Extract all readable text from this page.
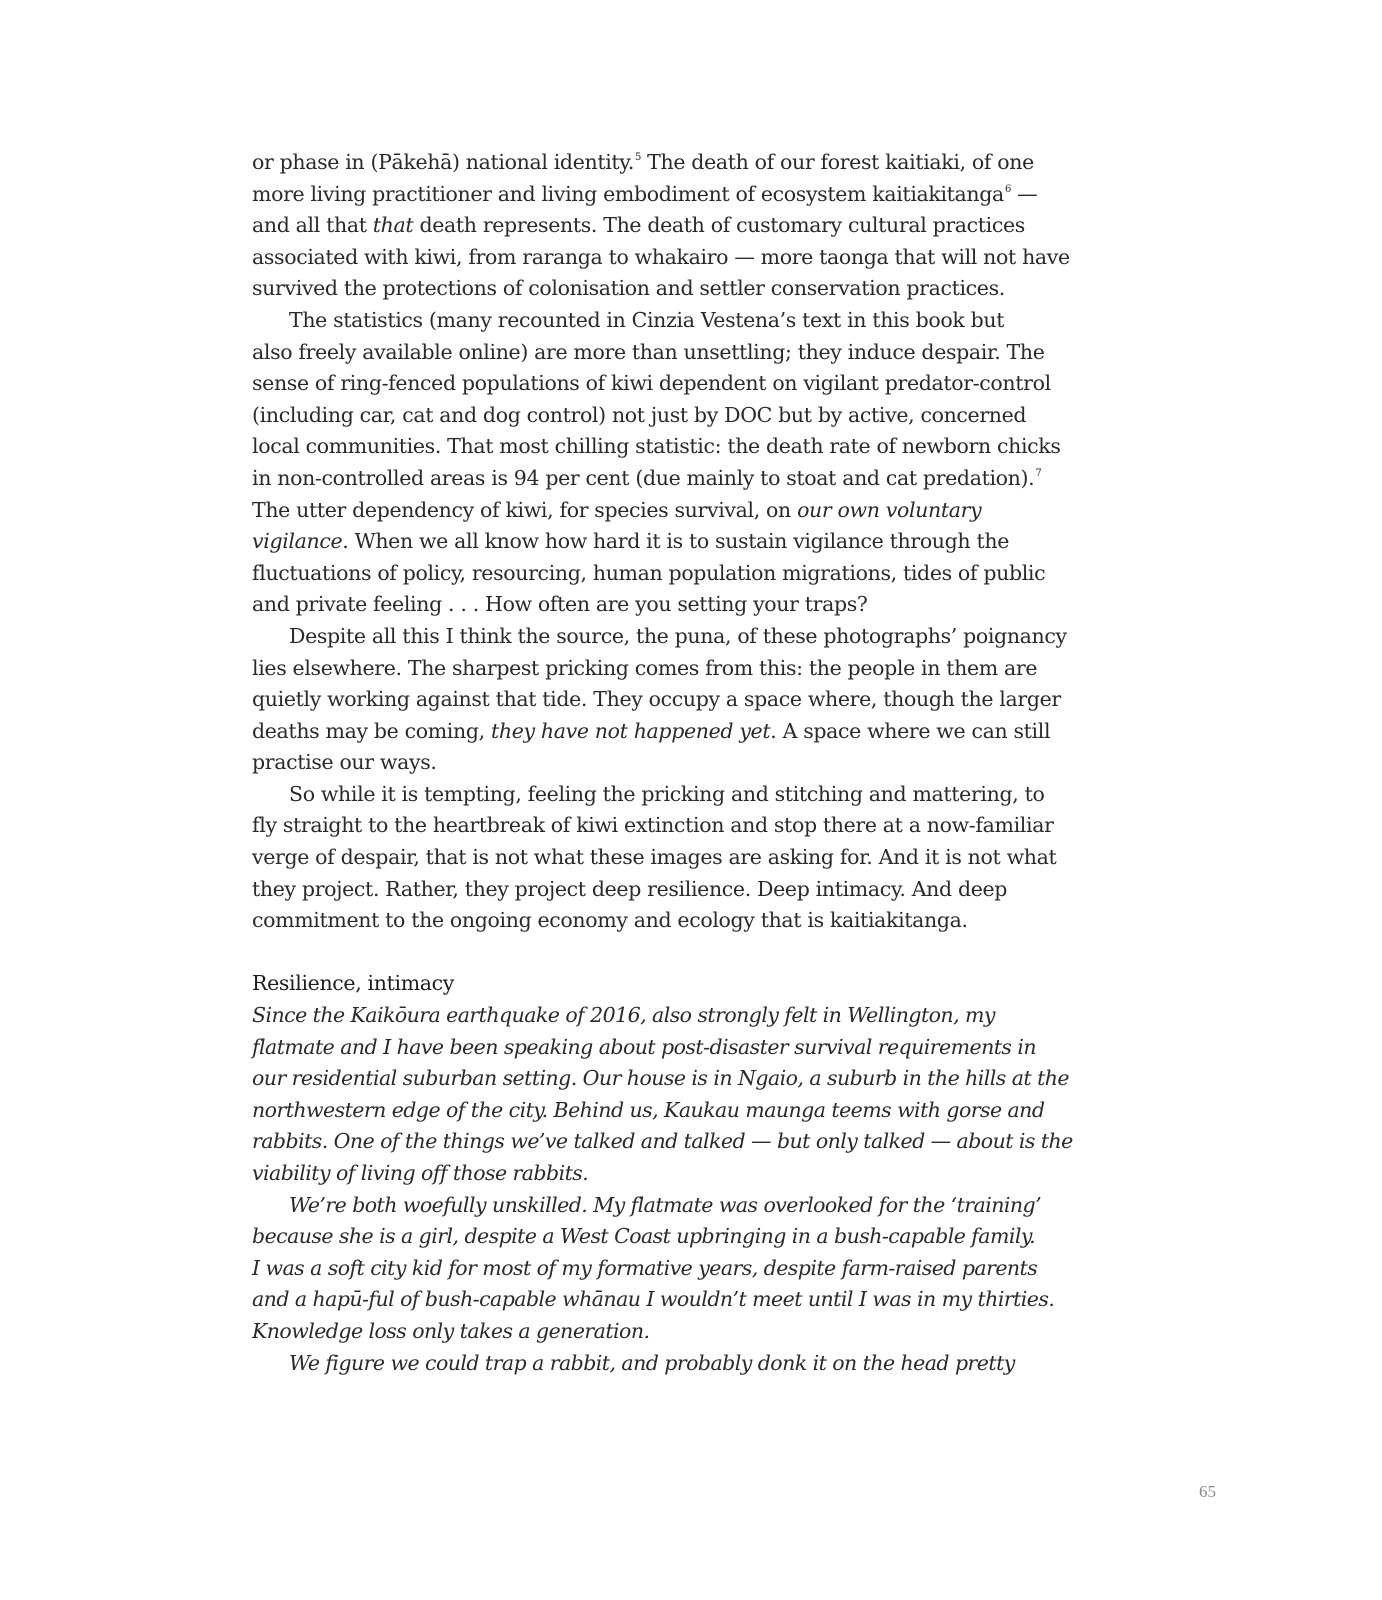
or phase in (Pākehā) national identity.$^5$ The death of our forest kaitiaki, of one
more living practitioner and living embodiment of ecosystem kaitiakitanga$^6$ —
and all that that death represents. The death of customary cultural practices
associated with kiwi, from raranga to whakairo — more taonga that will not have
survived the protections of colonisation and settler conservation practices.
The statistics (many recounted in Cinzia Vestena’s text in this book but
also freely available online) are more than unsettling; they induce despair. The
sense of ring-fenced populations of kiwi dependent on vigilant predator-control
(including car, cat and dog control) not just by DOC but by active, concerned
local communities. That most chilling statistic: the death rate of newborn chicks
in non-controlled areas is 94 per cent (due mainly to stoat and cat predation).$^7$
The utter dependency of kiwi, for species survival, on our own voluntary
vigilance. When we all know how hard it is to sustain vigilance through the
fluctuations of policy, resourcing, human population migrations, tides of public
and private feeling . . . How often are you setting your traps?
Despite all this I think the source, the puna, of these photographs’ poignancy
lies elsewhere. The sharpest pricking comes from this: the people in them are
quietly working against that tide. They occupy a space where, though the larger
deaths may be coming, they have not happened yet. A space where we can still
practise our ways.
So while it is tempting, feeling the pricking and stitching and mattering, to
fly straight to the heartbreak of kiwi extinction and stop there at a now-familiar
verge of despair, that is not what these images are asking for. And it is not what
they project. Rather, they project deep resilience. Deep intimacy. And deep
commitment to the ongoing economy and ecology that is kaitiakitanga.
Resilience, intimacy
Since the Kaikōura earthquake of 2016, also strongly felt in Wellington, my
flatmate and I have been speaking about post-disaster survival requirements in
our residential suburban setting. Our house is in Ngaio, a suburb in the hills at the
northwestern edge of the city. Behind us, Kaukau maunga teems with gorse and
rabbits. One of the things we’ve talked and talked — but only talked — about is the
viability of living off those rabbits.
We’re both woefully unskilled. My flatmate was overlooked for the ‘training’
because she is a girl, despite a West Coast upbringing in a bush-capable family.
I was a soft city kid for most of my formative years, despite farm-raised parents
and a hapū-ful of bush-capable whānau I wouldn’t meet until I was in my thirties.
Knowledge loss only takes a generation.
We figure we could trap a rabbit, and probably donk it on the head pretty
65
